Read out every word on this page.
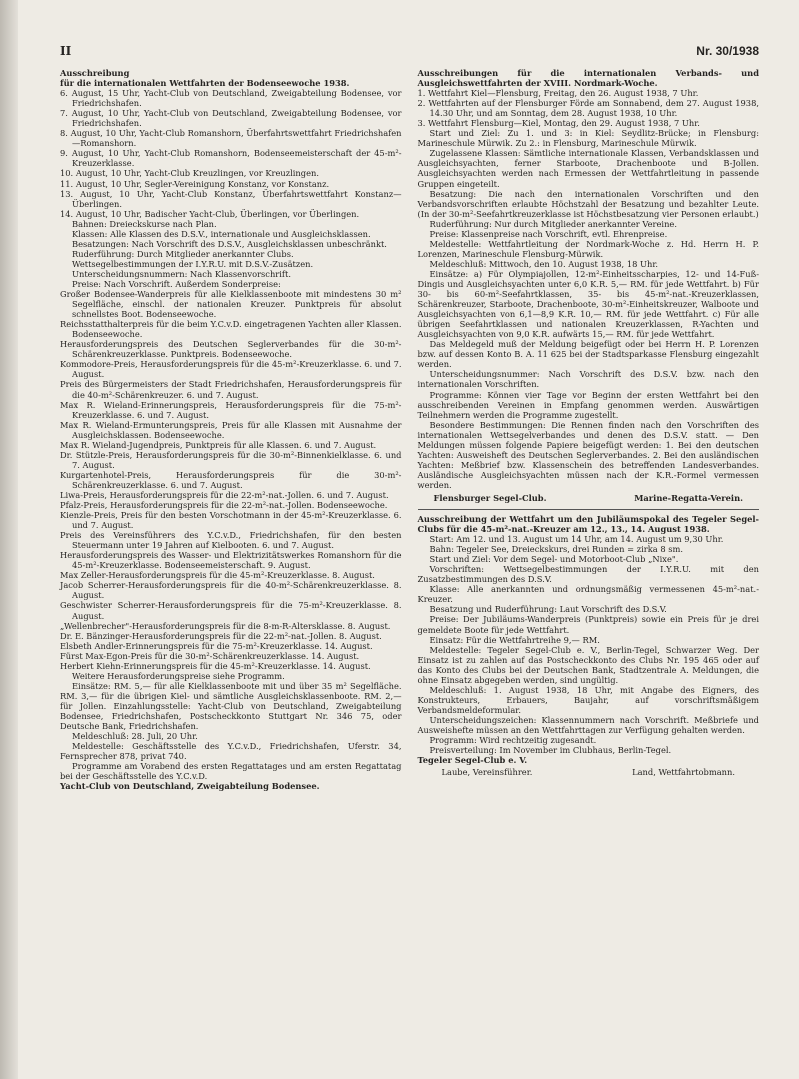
II	Nr. 30/1938

Ausschreibung
für die internationalen Wettfahrten der Bodenseewoche 1938.

6. August, 15 Uhr, Yacht-Club von Deutschland, Zweigabteilung Bodensee, vor Friedrichshafen.

7. August, 10 Uhr, Yacht-Club von Deutschland, Zweigabteilung Bodensee, vor Friedrichshafen.

8. August, 10 Uhr, Yacht-Club Romanshorn, Überfahrtswettfahrt Friedrichshafen—Romanshorn.

9. August, 10 Uhr, Yacht-Club Romanshorn, Bodenseemeisterschaft der 45-m²-Kreuzerklasse.

10. August, 10 Uhr, Yacht-Club Kreuzlingen, vor Kreuzlingen.

11. August, 10 Uhr, Segler-Vereinigung Konstanz, vor Konstanz.

13. August, 10 Uhr, Yacht-Club Konstanz, Überfahrtswettfahrt Konstanz—Überlingen.

14. August, 10 Uhr, Badischer Yacht-Club, Überlingen, vor Überlingen.

Bahnen: Dreieckskurse nach Plan.

Klassen: Alle Klassen des D.S.V., internationale und Ausgleichsklassen.

Besatzungen: Nach Vorschrift des D.S.V., Ausgleichsklassen unbeschränkt.

Ruderführung: Durch Mitglieder anerkannter Clubs.

Wettsegelbestimmungen der I.Y.R.U. mit D.S.V.-Zusätzen.

Unterscheidungsnummern: Nach Klassenvorschrift.

Preise: Nach Vorschrift. Außerdem Sonderpreise:

Großer Bodensee-Wanderpreis für alle Kielklassenboote mit mindestens 30 m² Segelfläche, einschl. der nationalen Kreuzer. Punktpreis für absolut schnellstes Boot. Bodenseewoche.

Reichsstatthalterpreis für die beim Y.C.v.D. eingetragenen Yachten aller Klassen. Bodenseewoche.

Herausforderungspreis des Deutschen Seglerverbandes für die 30-m²-Schärenkreuzerklasse. Punktpreis. Bodenseewoche.

Kommodore-Preis, Herausforderungspreis für die 45-m²-Kreuzerklasse. 6. und 7. August.

Preis des Bürgermeisters der Stadt Friedrichshafen, Herausforderungspreis für die 40-m²-Schärenkreuzer. 6. und 7. August.

Max R. Wieland-Erinnerungspreis, Herausforderungspreis für die 75-m²-Kreuzerklasse. 6. und 7. August.

Max R. Wieland-Ermunterungspreis, Preis für alle Klassen mit Ausnahme der Ausgleichsklassen. Bodenseewoche.

Max R. Wieland-Jugendpreis, Punktpreis für alle Klassen. 6. und 7. August.

Dr. Stützle-Preis, Herausforderungspreis für die 30-m²-Binnenkielklasse. 6. und 7. August.

Kurgartenhotel-Preis, Herausforderungspreis für die 30-m²-Schärenkreuzerklasse. 6. und 7. August.

Liwa-Preis, Herausforderungspreis für die 22-m²-nat.-Jollen. 6. und 7. August.

Pfalz-Preis, Herausforderungspreis für die 22-m²-nat.-Jollen. Bodenseewoche.

Kienzle-Preis, Preis für den besten Vorschotmann in der 45-m²-Kreuzerklasse. 6. und 7. August.

Preis des Vereinsführers des Y.C.v.D., Friedrichshafen, für den besten Steuermann unter 19 Jahren auf Kielbooten. 6. und 7. August.

Herausforderungspreis des Wasser- und Elektrizitätswerkes Romanshorn für die 45-m²-Kreuzerklasse. Bodenseemeisterschaft. 9. August.

Max Zeller-Herausforderungspreis für die 45-m²-Kreuzerklasse. 8. August.

Jacob Scherrer-Herausforderungspreis für die 40-m²-Schärenkreuzerklasse. 8. August.

Geschwister Scherrer-Herausforderungspreis für die 75-m²-Kreuzerklasse. 8. August.

„Wellenbrecher"-Herausforderungspreis für die 8-m-R-Altersklasse. 8. August.

Dr. E. Bänzinger-Herausforderungspreis für die 22-m²-nat.-Jollen. 8. August.

Elsbeth Andler-Erinnerungspreis für die 75-m²-Kreuzerklasse. 14. August.

Fürst Max-Egon-Preis für die 30-m²-Schärenkreuzerklasse. 14. August.

Herbert Kiehn-Erinnerungspreis für die 45-m²-Kreuzerklasse. 14. August.

Weitere Herausforderungspreise siehe Programm.

Einsätze: RM. 5,— für alle Kielklassenboote mit und über 35 m² Segelfläche. RM. 3,— für die übrigen Kiel- und sämtliche Ausgleichsklassenboote. RM. 2,— für Jollen. Einzahlungsstelle: Yacht-Club von Deutschland, Zweigabteilung Bodensee, Friedrichshafen, Postscheckkonto Stuttgart Nr. 346 75, oder Deutsche Bank, Friedrichshafen.

Meldeschluß: 28. Juli, 20 Uhr.

Meldestelle: Geschäftsstelle des Y.C.v.D., Friedrichshafen, Uferstr. 34, Fernsprecher 878, privat 740.

Programme am Vorabend des ersten Regattatages und am ersten Regattatag bei der Geschäftsstelle des Y.C.v.D.

Yacht-Club von Deutschland, Zweigabteilung Bodensee.

Ausschreibungen für die internationalen Verbands- und Ausgleichswettfahrten der XVIII. Nordmark-Woche.

1. Wettfahrt Kiel—Flensburg, Freitag, den 26. August 1938, 7 Uhr.

2. Wettfahrten auf der Flensburger Förde am Sonnabend, dem 27. August 1938, 14.30 Uhr, und am Sonntag, dem 28. August 1938, 10 Uhr.

3. Wettfahrt Flensburg—Kiel, Montag, den 29. August 1938, 7 Uhr.

Start und Ziel: Zu 1. und 3: in Kiel: Seydlitz-Brücke; in Flensburg: Marineschule Mürwik. Zu 2.: in Flensburg, Marineschule Mürwik.

Zugelassene Klassen: Sämtliche internationale Klassen, Verbandsklassen und Ausgleichsyachten, ferner Starboote, Drachenboote und B-Jollen. Ausgleichsyachten werden nach Ermessen der Wettfahrtleitung in passende Gruppen eingeteilt.

Besatzung: Die nach den internationalen Vorschriften und den Verbandsvorschriften erlaubte Höchstzahl der Besatzung und bezahlter Leute. (In der 30-m²-Seefahrtkreuzerklasse ist Höchstbesatzung vier Personen erlaubt.)

Ruderführung: Nur durch Mitglieder anerkannter Vereine.

Preise: Klassenpreise nach Vorschrift, evtl. Ehrenpreise.

Meldestelle: Wettfahrtleitung der Nordmark-Woche z. Hd. Herrn H. P. Lorenzen, Marineschule Flensburg-Mürwik.

Meldeschluß: Mittwoch, den 10. August 1938, 18 Uhr.

Einsätze: a) Für Olympiajollen, 12-m²-Einheitsscharpies, 12- und 14-Fuß-Dingis und Ausgleichsyachten unter 6,0 K.R. 5,— RM. für jede Wettfahrt. b) Für 30- bis 60-m²-Seefahrtklassen, 35- bis 45-m²-nat.-Kreuzerklassen, Schärenkreuzer, Starboote, Drachenboote, 30-m²-Einheitskreuzer, Walboote und Ausgleichsyachten von 6,1—8,9 K.R. 10,— RM. für jede Wettfahrt. c) Für alle übrigen Seefahrtklassen und nationalen Kreuzerklassen, R-Yachten und Ausgleichsyachten von 9,0 K.R. aufwärts 15,— RM. für jede Wettfahrt.

Das Meldegeld muß der Meldung beigefügt oder bei Herrn H. P. Lorenzen bzw. auf dessen Konto B. A. 11 625 bei der Stadtsparkasse Flensburg eingezahlt werden.

Unterscheidungsnummer: Nach Vorschrift des D.S.V. bzw. nach den internationalen Vorschriften.

Programme: Können vier Tage vor Beginn der ersten Wettfahrt bei den ausschreibenden Vereinen in Empfang genommen werden. Auswärtigen Teilnehmern werden die Programme zugestellt.

Besondere Bestimmungen: Die Rennen finden nach den Vorschriften des internationalen Wettsegelverbandes und denen des D.S.V. statt. — Den Meldungen müssen folgende Papiere beigefügt werden: 1. Bei den deutschen Yachten: Ausweisheft des Deutschen Seglerverbandes. 2. Bei den ausländischen Yachten: Meßbrief bzw. Klassenschein des betreffenden Landesverbandes. Ausländische Ausgleichsyachten müssen nach der K.R.-Formel vermessen werden.

Flensburger Segel-Club.	Marine-Regatta-Verein.

Ausschreibung der Wettfahrt um den Jubiläumspokal des Tegeler Segel-Clubs für die 45-m²-nat.-Kreuzer am 12., 13., 14. August 1938.

Start: Am 12. und 13. August um 14 Uhr, am 14. August um 9,30 Uhr.

Bahn: Tegeler See, Dreieckskurs, drei Runden = zirka 8 sm.

Start und Ziel: Vor dem Segel- und Motorboot-Club „Nixe".

Vorschriften: Wettsegelbestimmungen der I.Y.R.U. mit den Zusatzbestimmungen des D.S.V.

Klasse: Alle anerkannten und ordnungsmäßig vermessenen 45-m²-nat.-Kreuzer.

Besatzung und Ruderführung: Laut Vorschrift des D.S.V.

Preise: Der Jubiläums-Wanderpreis (Punktpreis) sowie ein Preis für je drei gemeldete Boote für jede Wettfahrt.

Einsatz: Für die Wettfahrtreihe 9,— RM.

Meldestelle: Tegeler Segel-Club e. V., Berlin-Tegel, Schwarzer Weg. Der Einsatz ist zu zahlen auf das Postscheckkonto des Clubs Nr. 195 465 oder auf das Konto des Clubs bei der Deutschen Bank, Stadtzentrale A. Meldungen, die ohne Einsatz abgegeben werden, sind ungültig.

Meldeschluß: 1. August 1938, 18 Uhr, mit Angabe des Eigners, des Konstrukteurs, Erbauers, Baujahr, auf vorschriftsmäßigem Verbandsmeldeformular.

Unterscheidungszeichen: Klassennummern nach Vorschrift. Meßbriefe und Ausweishefte müssen an den Wettfahrttagen zur Verfügung gehalten werden.

Programm: Wird rechtzeitig zugesandt.

Preisverteilung: Im November im Clubhaus, Berlin-Tegel.

Tegeler Segel-Club e. V.

Laube, Vereinsführer.	Land, Wettfahrtobmann.
